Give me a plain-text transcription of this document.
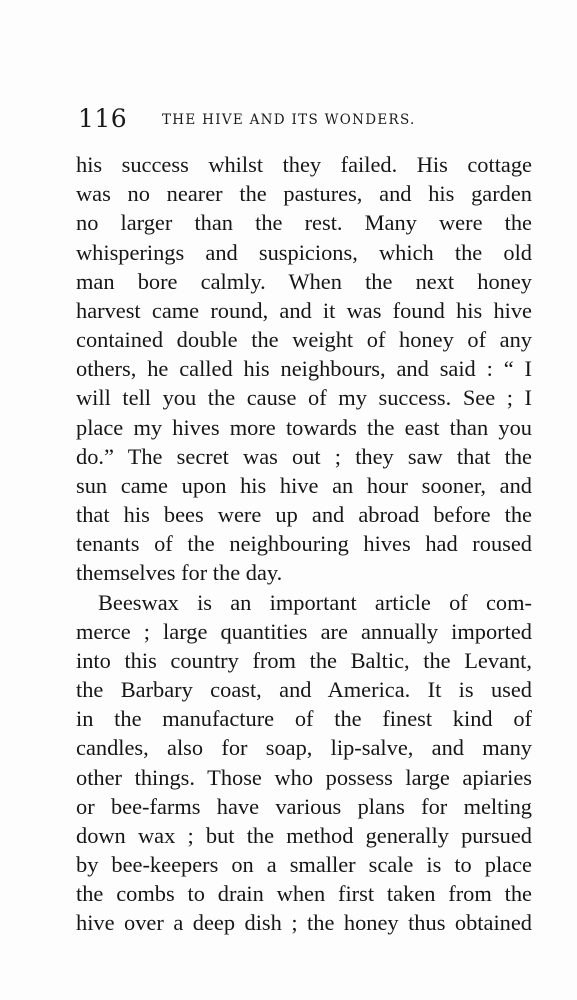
116	THE HIVE AND ITS WONDERS.
his success whilst they failed. His cottage
was no nearer the pastures, and his garden
no larger than the rest. Many were the
whisperings and suspicions, which the old
man bore calmly. When the next honey
harvest came round, and it was found his hive
contained double the weight of honey of any
others, he called his neighbours, and said : “ I
will tell you the cause of my success. See ; I
place my hives more towards the east than you
do.” The secret was out ; they saw that the
sun came upon his hive an hour sooner, and
that his bees were up and abroad before the
tenants of the neighbouring hives had roused
themselves for the day.
Beeswax is an important article of com-
merce ; large quantities are annually imported
into this country from the Baltic, the Levant,
the Barbary coast, and America. It is used
in the manufacture of the finest kind of
candles, also for soap, lip-salve, and many
other things. Those who possess large apiaries
or bee-farms have various plans for melting
down wax ; but the method generally pursued
by bee-keepers on a smaller scale is to place
the combs to drain when first taken from the
hive over a deep dish ; the honey thus obtained
